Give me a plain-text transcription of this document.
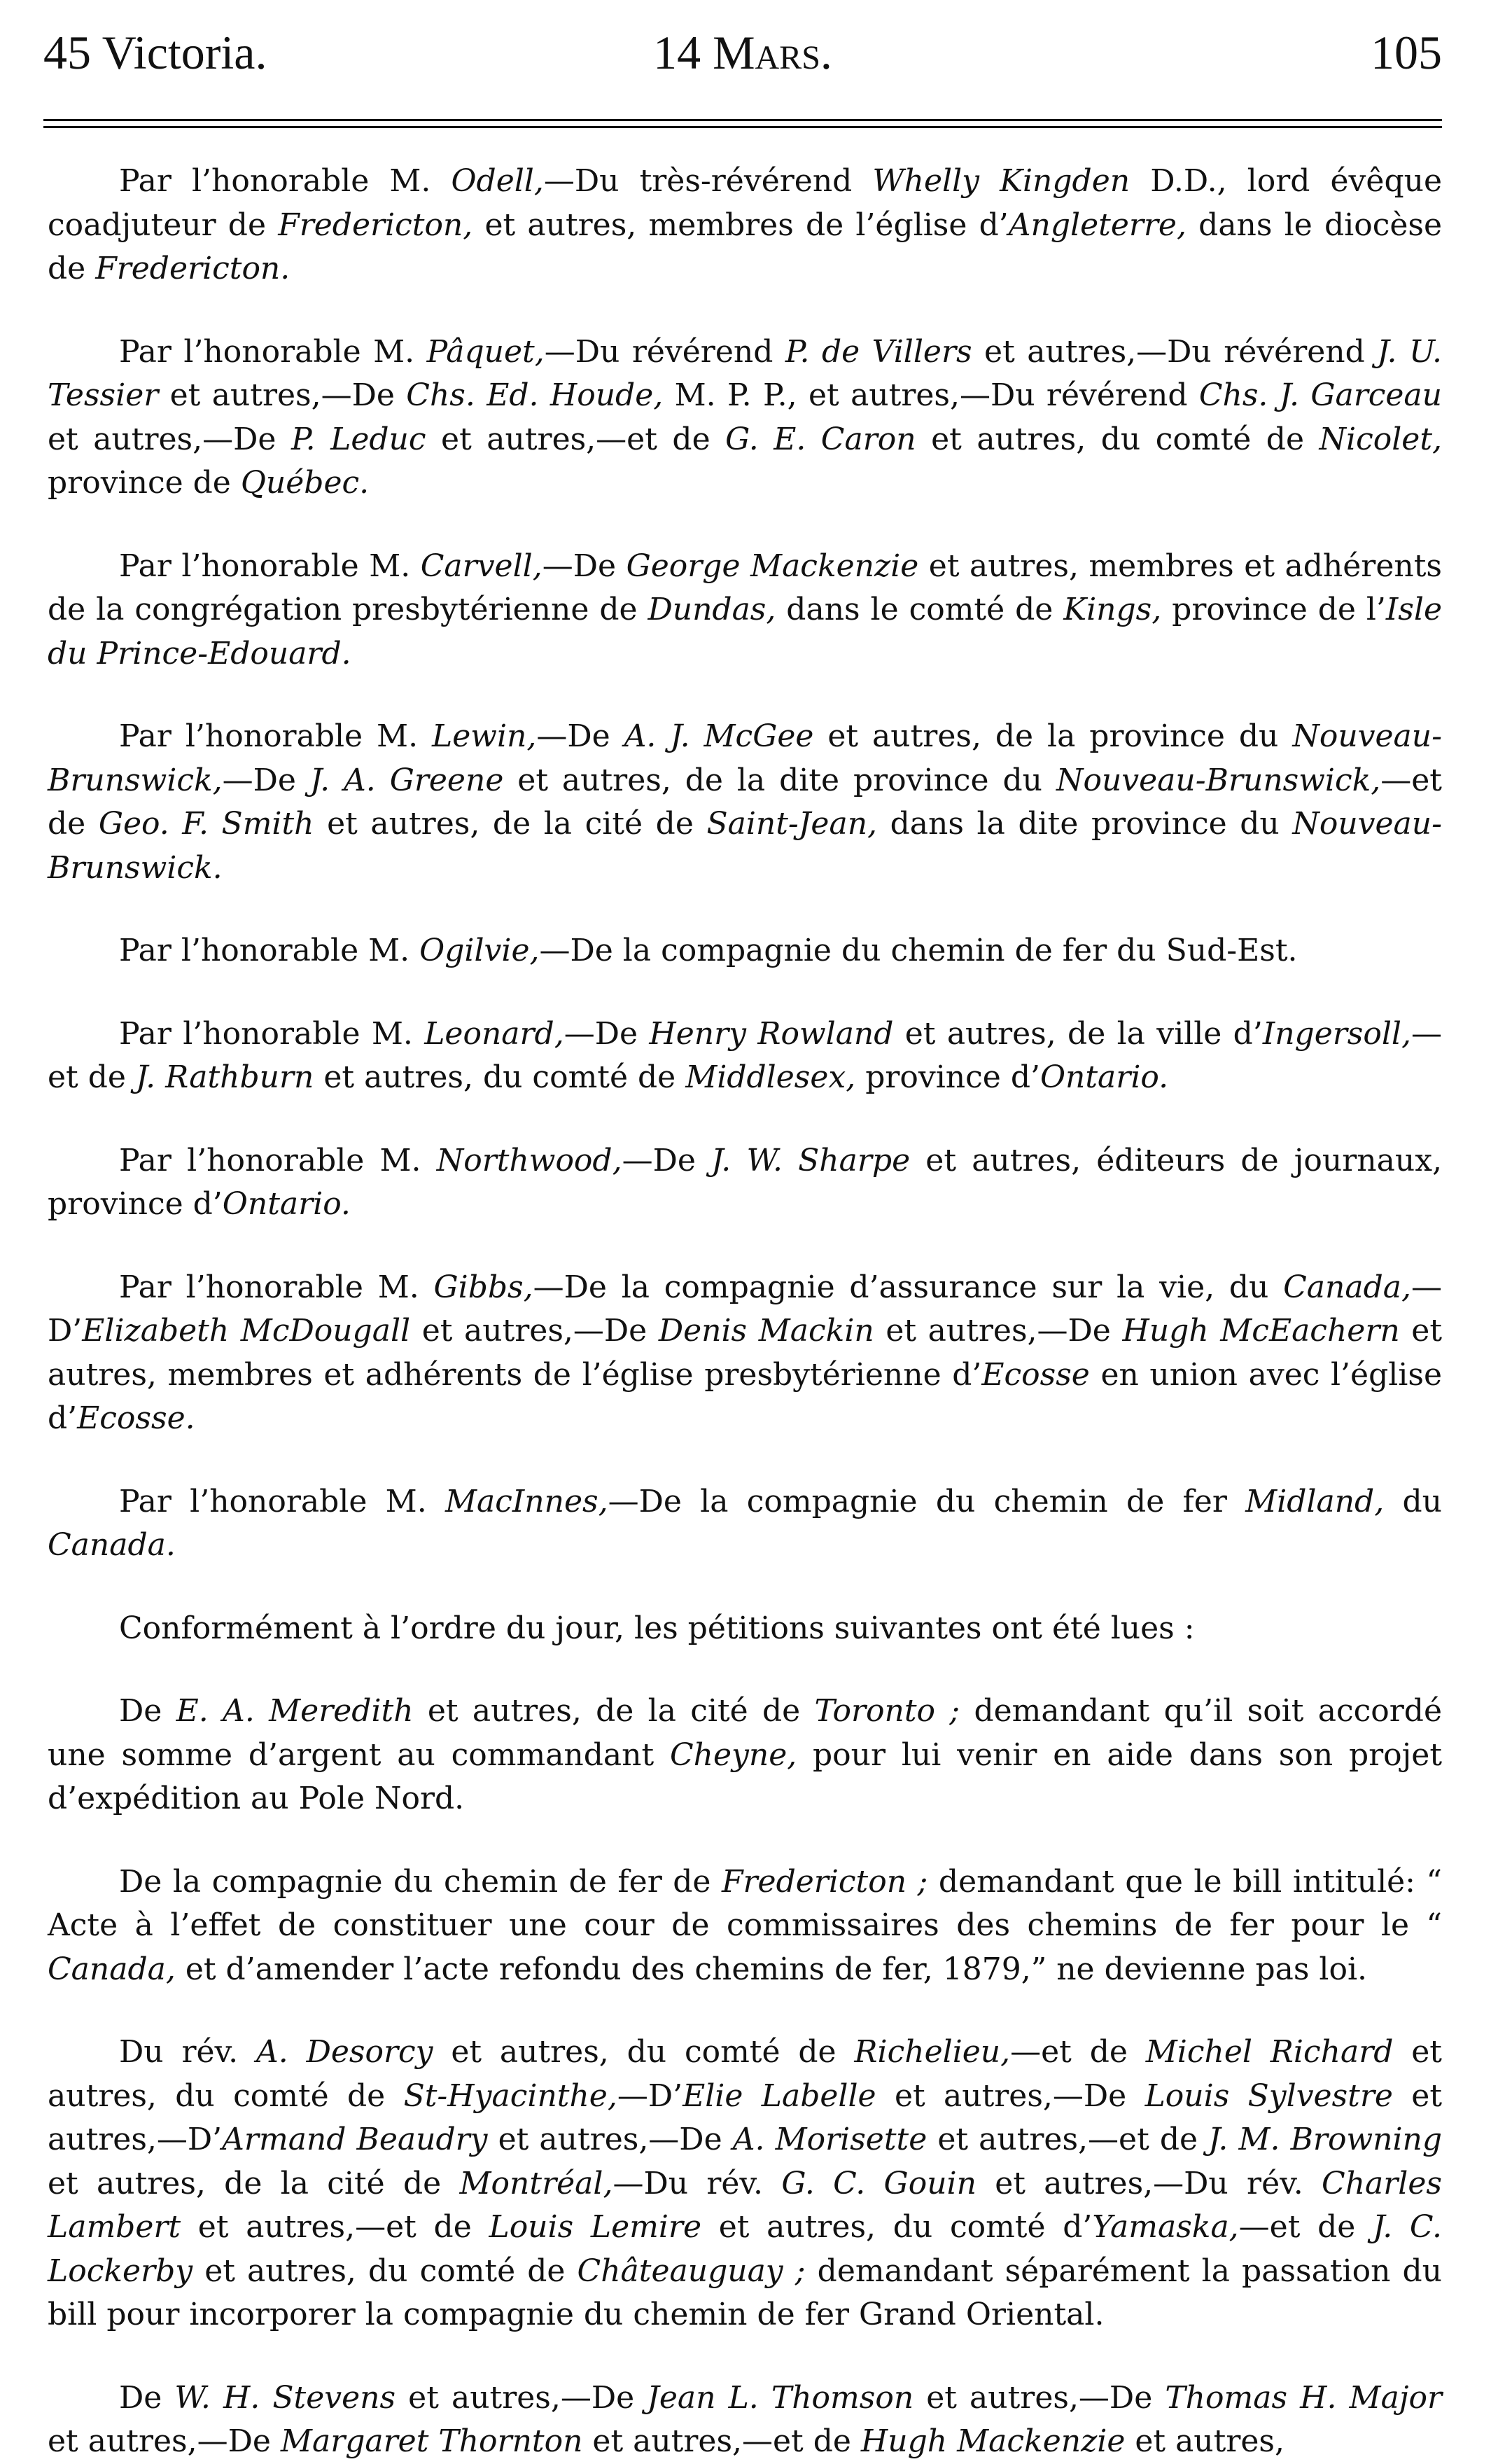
45 Victoria.	14 Mars.	105

Par l’honorable M. Odell,—Du très-révérend Whelly Kingden D.D., lord évêque coadjuteur de Fredericton, et autres, membres de l’église d’Angleterre, dans le diocèse de Fredericton.

Par l’honorable M. Pâquet,—Du révérend P. de Villers et autres,—Du révérend J. U. Tessier et autres,—De Chs. Ed. Houde, M. P. P., et autres,—Du révérend Chs. J. Garceau et autres,—De P. Leduc et autres,—et de G. E. Caron et autres, du comté de Nicolet, province de Québec.

Par l’honorable M. Carvell,—De George Mackenzie et autres, membres et adhérents de la congrégation presbytérienne de Dundas, dans le comté de Kings, province de l’Isle du Prince-Edouard.

Par l’honorable M. Lewin,—De A. J. McGee et autres, de la province du Nouveau-Brunswick,—De J. A. Greene et autres, de la dite province du Nouveau-Brunswick,—et de Geo. F. Smith et autres, de la cité de Saint-Jean, dans la dite province du Nouveau-Brunswick.

Par l’honorable M. Ogilvie,—De la compagnie du chemin de fer du Sud-Est.

Par l’honorable M. Leonard,—De Henry Rowland et autres, de la ville d’Ingersoll,—et de J. Rathburn et autres, du comté de Middlesex, province d’Ontario.

Par l’honorable M. Northwood,—De J. W. Sharpe et autres, éditeurs de journaux, province d’Ontario.

Par l’honorable M. Gibbs,—De la compagnie d’assurance sur la vie, du Canada,—D’Elizabeth McDougall et autres,—De Denis Mackin et autres,—De Hugh McEachern et autres, membres et adhérents de l’église presbytérienne d’Ecosse en union avec l’église d’Ecosse.

Par l’honorable M. MacInnes,—De la compagnie du chemin de fer Midland, du Canada.

Conformément à l’ordre du jour, les pétitions suivantes ont été lues :

De E. A. Meredith et autres, de la cité de Toronto ; demandant qu’il soit accordé une somme d’argent au commandant Cheyne, pour lui venir en aide dans son projet d’expédition au Pole Nord.

De la compagnie du chemin de fer de Fredericton ; demandant que le bill intitulé: “ Acte à l’effet de constituer une cour de commissaires des chemins de fer pour le “ Canada, et d’amender l’acte refondu des chemins de fer, 1879,” ne devienne pas loi.

Du rév. A. Desorcy et autres, du comté de Richelieu,—et de Michel Richard et autres, du comté de St-Hyacinthe,—D’Elie Labelle et autres,—De Louis Sylvestre et autres,—D’Armand Beaudry et autres,—De A. Morisette et autres,—et de J. M. Browning et autres, de la cité de Montréal,—Du rév. G. C. Gouin et autres,—Du rév. Charles Lambert et autres,—et de Louis Lemire et autres, du comté d’Yamaska,—et de J. C. Lockerby et autres, du comté de Châteauguay ; demandant séparément la passation du bill pour incorporer la compagnie du chemin de fer Grand Oriental.

De W. H. Stevens et autres,—De Jean L. Thomson et autres,—De Thomas H. Major et autres,—De Margaret Thornton et autres,—et de Hugh Mackenzie et autres,
